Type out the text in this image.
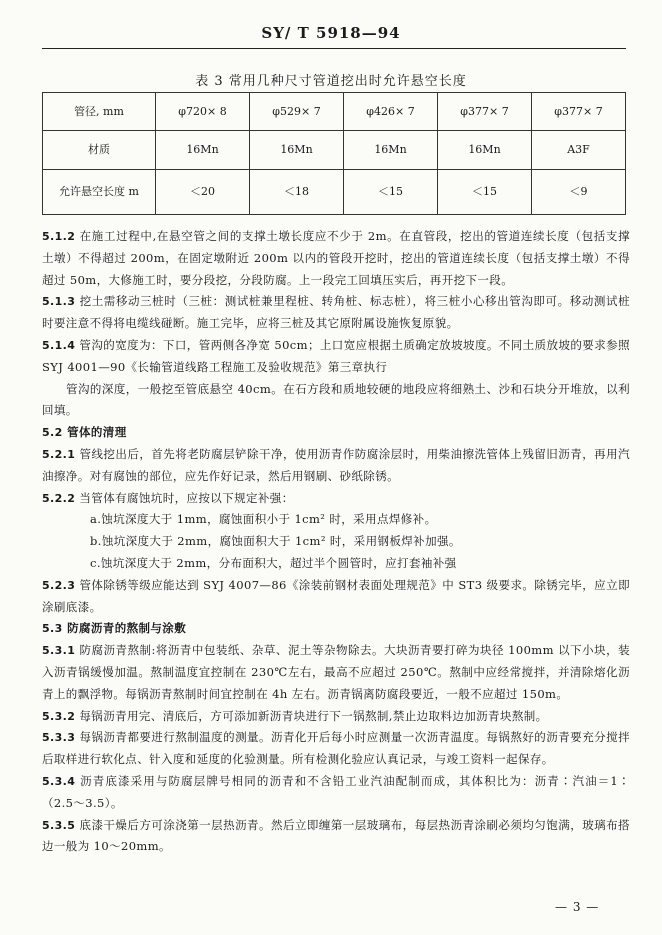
SY/ T 5918—94
表 3 常用几种尺寸管道挖出时允许悬空长度
管径, mm	φ720× 8	φ529× 7	φ426× 7	φ377× 7	φ377× 7
材质	16Mn	16Mn	16Mn	16Mn	A3F
允许悬空长度 m	＜20	＜18	＜15	＜15	＜9

5.1.2 在施工过程中,在悬空管之间的支撑土墩长度应不少于 2m。在直管段，挖出的管道连续长度（包括支撑土墩）不得超过 200m，在固定墩附近 200m 以内的管段开挖时，挖出的管道连续长度（包括支撑土墩）不得超过 50m，大修施工时，要分段挖，分段防腐。上一段完工回填压实后，再开挖下一段。

5.1.3 挖土需移动三桩时（三桩：测试桩兼里程桩、转角桩、标志桩），将三桩小心移出管沟即可。移动测试桩时要注意不得将电缆线碰断。施工完毕，应将三桩及其它原附属设施恢复原貌。

5.1.4 管沟的宽度为：下口，管两侧各净宽 50cm；上口宽应根据土质确定放坡坡度。不同土质放坡的要求参照 SYJ 4001—90《长输管道线路工程施工及验收规范》第三章执行

管沟的深度，一般挖至管底悬空 40cm。在石方段和质地较硬的地段应将细熟土、沙和石块分开堆放，以利回填。

5.2 管体的清理

5.2.1 管线挖出后，首先将老防腐层铲除干净，使用沥青作防腐涂层时，用柴油擦洗管体上残留旧沥青，再用汽油擦净。对有腐蚀的部位，应先作好记录，然后用钢刷、砂纸除锈。

5.2.2 当管体有腐蚀坑时，应按以下规定补强：

a.蚀坑深度大于 1mm，腐蚀面积小于 1cm² 时，采用点焊修补。

b.蚀坑深度大于 2mm，腐蚀面积大于 1cm² 时，采用钢板焊补加强。

c.蚀坑深度大于 2mm，分布面积大，超过半个圆管时，应打套袖补强

5.2.3 管体除锈等级应能达到 SYJ 4007—86《涂装前钢材表面处理规范》中 ST3 级要求。除锈完毕，应立即涂刷底漆。

5.3 防腐沥青的熬制与涂敷

5.3.1 防腐沥青熬制:将沥青中包装纸、杂草、泥土等杂物除去。大块沥青要打碎为块径 100mm 以下小块，装入沥青锅缓慢加温。熬制温度宜控制在 230℃左右，最高不应超过 250℃。熬制中应经常搅拌，并清除熔化沥青上的飘浮物。每锅沥青熬制时间宜控制在 4h 左右。沥青锅离防腐段要近，一般不应超过 150m。

5.3.2 每锅沥青用完、清底后，方可添加新沥青块进行下一锅熬制,禁止边取料边加沥青块熬制。

5.3.3 每锅沥青都要进行熬制温度的测量。沥青化开后每小时应测量一次沥青温度。每锅熬好的沥青要充分搅拌后取样进行软化点、针入度和延度的化验测量。所有检测化验应认真记录，与竣工资料一起保存。

5.3.4 沥青底漆采用与防腐层牌号相同的沥青和不含铅工业汽油配制而成，其体积比为：沥青∶汽油＝1∶（2.5～3.5）。

5.3.5 底漆干燥后方可涂浇第一层热沥青。然后立即缠第一层玻璃布，每层热沥青涂刷必须均匀饱满，玻璃布搭边一般为 10～20mm。

— 3 —
